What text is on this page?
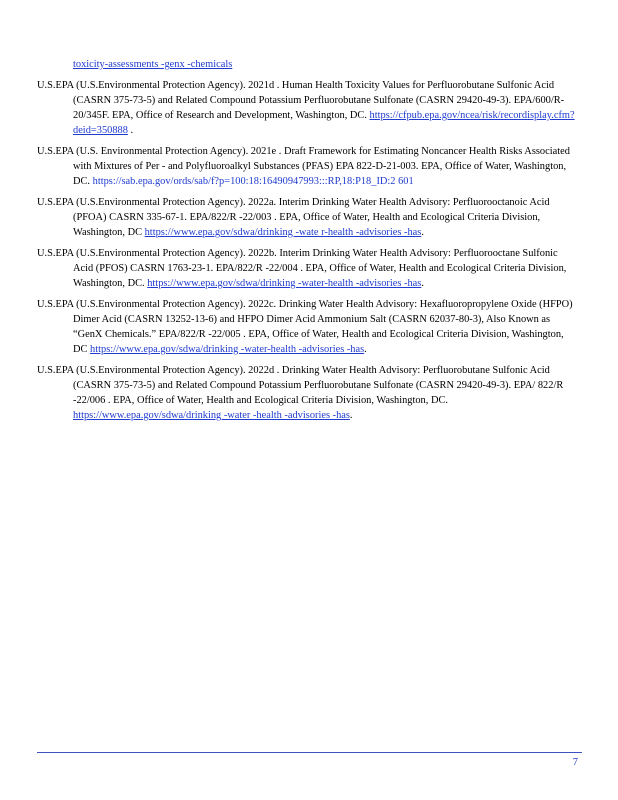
toxicity-assessments -genx -chemicals
U.S.EPA (U.S.Environmental Protection Agency). 2021d . Human Health Toxicity Values for Perfluorobutane Sulfonic Acid (CASRN 375-73-5) and Related Compound Potassium Perfluorobutane Sulfonate (CASRN 29420-49-3). EPA/600/R-20/345F. EPA, Office of Research and Development, Washington, DC. https://cfpub.epa.gov/ncea/risk/recordisplay.cfm?deid=350888 .
U.S.EPA (U.S. Environmental Protection Agency). 2021e . Draft Framework for Estimating Noncancer Health Risks Associated with Mixtures of Per - and Polyfluoroalkyl Substances (PFAS) EPA 822-D-21-003. EPA, Office of Water, Washington, DC. https://sab.epa.gov/ords/sab/f?p=100:18:16490947993:::RP,18:P18_ID:2 601
U.S.EPA (U.S.Environmental Protection Agency). 2022a. Interim Drinking Water Health Advisory: Perfluorooctanoic Acid (PFOA) CASRN 335-67-1. EPA/822/R -22/003 . EPA, Office of Water, Health and Ecological Criteria Division, Washington, DC https://www.epa.gov/sdwa/drinking -wate r-health -advisories -has.
U.S.EPA (U.S.Environmental Protection Agency). 2022b. Interim Drinking Water Health Advisory: Perfluorooctane Sulfonic Acid (PFOS) CASRN 1763-23-1. EPA/822/R -22/004 . EPA, Office of Water, Health and Ecological Criteria Division, Washington, DC. https://www.epa.gov/sdwa/drinking -water-health -advisories -has.
U.S.EPA (U.S.Environmental Protection Agency). 2022c. Drinking Water Health Advisory: Hexafluoropropylene Oxide (HFPO) Dimer Acid (CASRN 13252-13-6) and HFPO Dimer Acid Ammonium Salt (CASRN 62037-80-3), Also Known as “GenX Chemicals.” EPA/822/R -22/005 . EPA, Office of Water, Health and Ecological Criteria Division, Washington, DC https://www.epa.gov/sdwa/drinking -water-health -advisories -has.
U.S.EPA (U.S.Environmental Protection Agency). 2022d . Drinking Water Health Advisory: Perfluorobutane Sulfonic Acid (CASRN 375-73-5) and Related Compound Potassium Perfluorobutane Sulfonate (CASRN 29420-49-3). EPA/ 822/R -22/006 . EPA, Office of Water, Health and Ecological Criteria Division, Washington, DC. https://www.epa.gov/sdwa/drinking -water -health -advisories -has.
7
